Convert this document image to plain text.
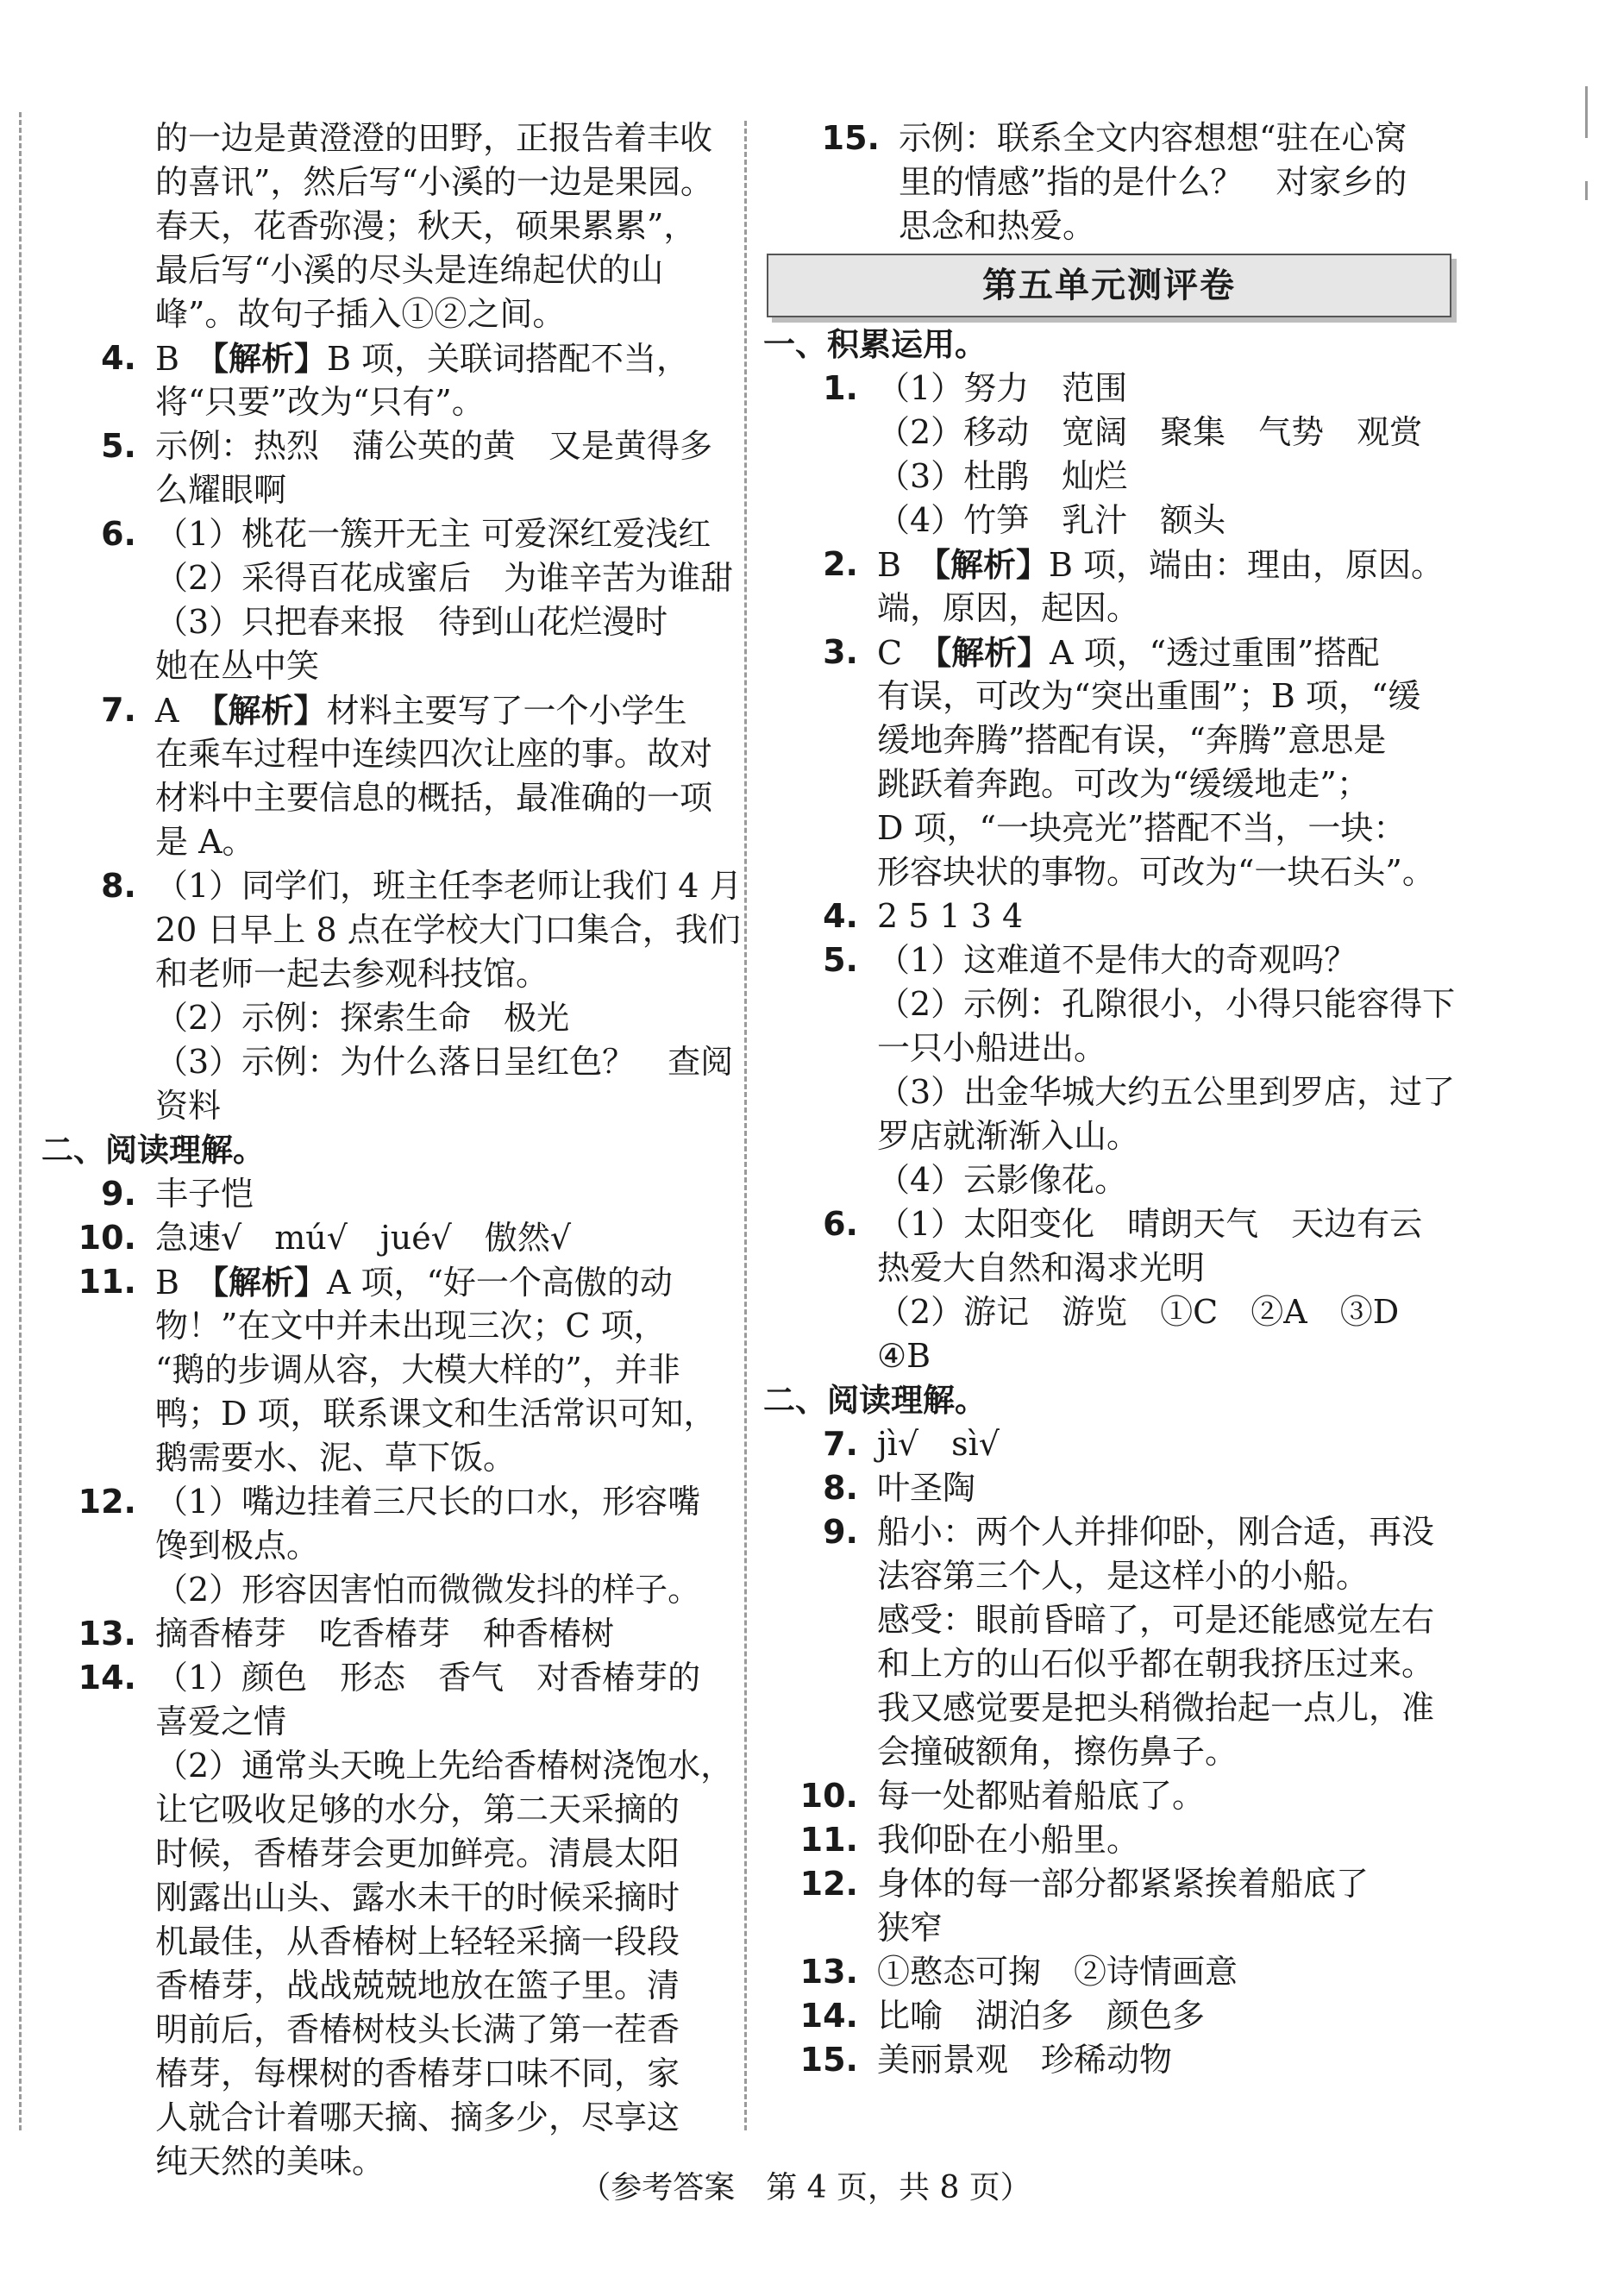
的一边是黄澄澄的田野，正报告着丰收
的喜讯”，然后写“小溪的一边是果园。
春天，花香弥漫；秋天，硕果累累”，
最后写“小溪的尽头是连绵起伏的山
峰”。故句子插入①②之间。
4. B　【解析】B 项，关联词搭配不当，
将“只要”改为“只有”。
5. 示例：热烈　蒲公英的黄　又是黄得多
么耀眼啊
6. （1）桃花一簇开无主 可爱深红爱浅红
（2）采得百花成蜜后　为谁辛苦为谁甜
（3）只把春来报　待到山花烂漫时
她在丛中笑
7. A　【解析】材料主要写了一个小学生
在乘车过程中连续四次让座的事。故对
材料中主要信息的概括，最准确的一项
是 A。
8. （1）同学们，班主任李老师让我们 4 月
20 日早上 8 点在学校大门口集合，我们
和老师一起去参观科技馆。
（2）示例：探索生命　极光
（3）示例：为什么落日呈红色？　查阅
资料
二、阅读理解。
9. 丰子恺
10. 急速√　mú√　jué√　傲然√
11. B　【解析】A 项，“好一个高傲的动
物！”在文中并未出现三次；C 项，
“鹅的步调从容，大模大样的”，并非
鸭；D 项，联系课文和生活常识可知，
鹅需要水、泥、草下饭。
12. （1）嘴边挂着三尺长的口水，形容嘴
馋到极点。
（2）形容因害怕而微微发抖的样子。
13. 摘香椿芽　吃香椿芽　种香椿树
14. （1）颜色　形态　香气　对香椿芽的
喜爱之情
（2）通常头天晚上先给香椿树浇饱水，
让它吸收足够的水分，第二天采摘的
时候，香椿芽会更加鲜亮。清晨太阳
刚露出山头、露水未干的时候采摘时
机最佳，从香椿树上轻轻采摘一段段
香椿芽，战战兢兢地放在篮子里。清
明前后，香椿树枝头长满了第一茬香
椿芽，每棵树的香椿芽口味不同，家
人就合计着哪天摘、摘多少，尽享这
纯天然的美味。
15. 示例：联系全文内容想想“驻在心窝
里的情感”指的是什么？　对家乡的
思念和热爱。
第五单元测评卷
一、积累运用。
1. （1）努力　范围
（2）移动　宽阔　聚集　气势　观赏
（3）杜鹃　灿烂
（4）竹笋　乳汁　额头
2. B　【解析】B 项，端由：理由，原因。
端，原因，起因。
3. C　【解析】A 项，“透过重围”搭配
有误，可改为“突出重围”；B 项，“缓
缓地奔腾”搭配有误，“奔腾”意思是
跳跃着奔跑。可改为“缓缓地走”；
D 项，“一块亮光”搭配不当，一块：
形容块状的事物。可改为“一块石头”。
4. 2 5 1 3 4
5. （1）这难道不是伟大的奇观吗？
（2）示例：孔隙很小，小得只能容得下
一只小船进出。
（3）出金华城大约五公里到罗店，过了
罗店就渐渐入山。
（4）云影像花。
6. （1）太阳变化　晴朗天气　天边有云
热爱大自然和渴求光明
（2）游记　游览　①C　②A　③D
④B
二、阅读理解。
7. jì√　sì√
8. 叶圣陶
9. 船小：两个人并排仰卧，刚合适，再没
法容第三个人，是这样小的小船。
感受：眼前昏暗了，可是还能感觉左右
和上方的山石似乎都在朝我挤压过来。
我又感觉要是把头稍微抬起一点儿，准
会撞破额角，擦伤鼻子。
10. 每一处都贴着船底了。
11. 我仰卧在小船里。
12. 身体的每一部分都紧紧挨着船底了
狭窄
13. ①憨态可掬　②诗情画意
14. 比喻　湖泊多　颜色多
15. 美丽景观　珍稀动物
（参考答案　第 4 页，共 8 页）
